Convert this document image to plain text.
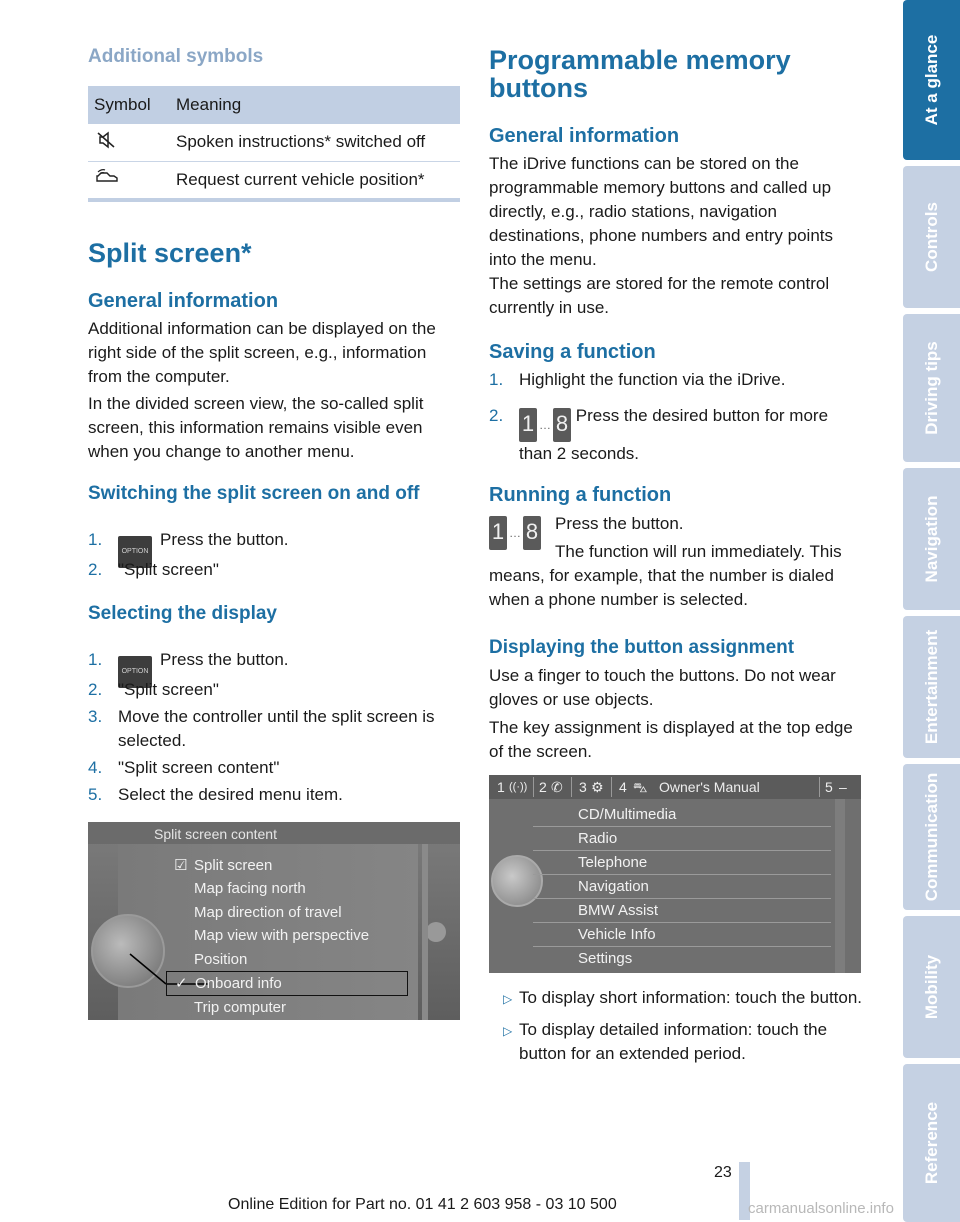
Additional symbols
Symbol	Meaning
	Spoken instructions* switched off
	Request current vehicle position*
Split screen*
General information

Additional information can be displayed on the right side of the split screen, e.g., information from the computer.

In the divided screen view, the so-called split screen, this information remains visible even when you change to another menu.

Switching the split screen on and off
1.
OPTIONPress the button.
2. "Split screen"
Selecting the display
1.
OPTIONPress the button.
2. "Split screen"
3. Move the controller until the split screen is selected.
4. "Split screen content"
5. Select the desired menu item.
Split screen content
☑ Split screen
Map facing north
Map direction of travel
Map view with perspective
Position
✓ Onboard info
Trip computer
Programmable memory buttons
General information

The iDrive functions can be stored on the programmable memory buttons and called up directly, e.g., radio stations, navigation destinations, phone numbers and entry points into the menu.

The settings are stored for the remote control currently in use.

Saving a function
1. Highlight the function via the iDrive.
2. 1 … 8 Press the desired button for more than 2 seconds.
Running a function
1 … 8 Press the button.

The function will run immediately. This means, for example, that the number is dialed when a phone number is selected.

Displaying the button assignment

Use a finger to touch the buttons. Do not wear gloves or use objects.

The key assignment is displayed at the top edge of the screen.

1 ((·)) 2 ✆ 3 ⚙ 4 ⛍ Owner's Manual	5 –
CD/Multimedia
Radio
Telephone
Navigation
BMW Assist
Vehicle Info
Settings
▷ To display short information: touch the button.
▷ To display detailed information: touch the button for an extended period.
At a glance
Controls
Driving tips
Navigation
Entertainment
Communication
Mobility
Reference
23
Online Edition for Part no. 01 41 2 603 958 - 03 10 500	carmanualsonline.info
